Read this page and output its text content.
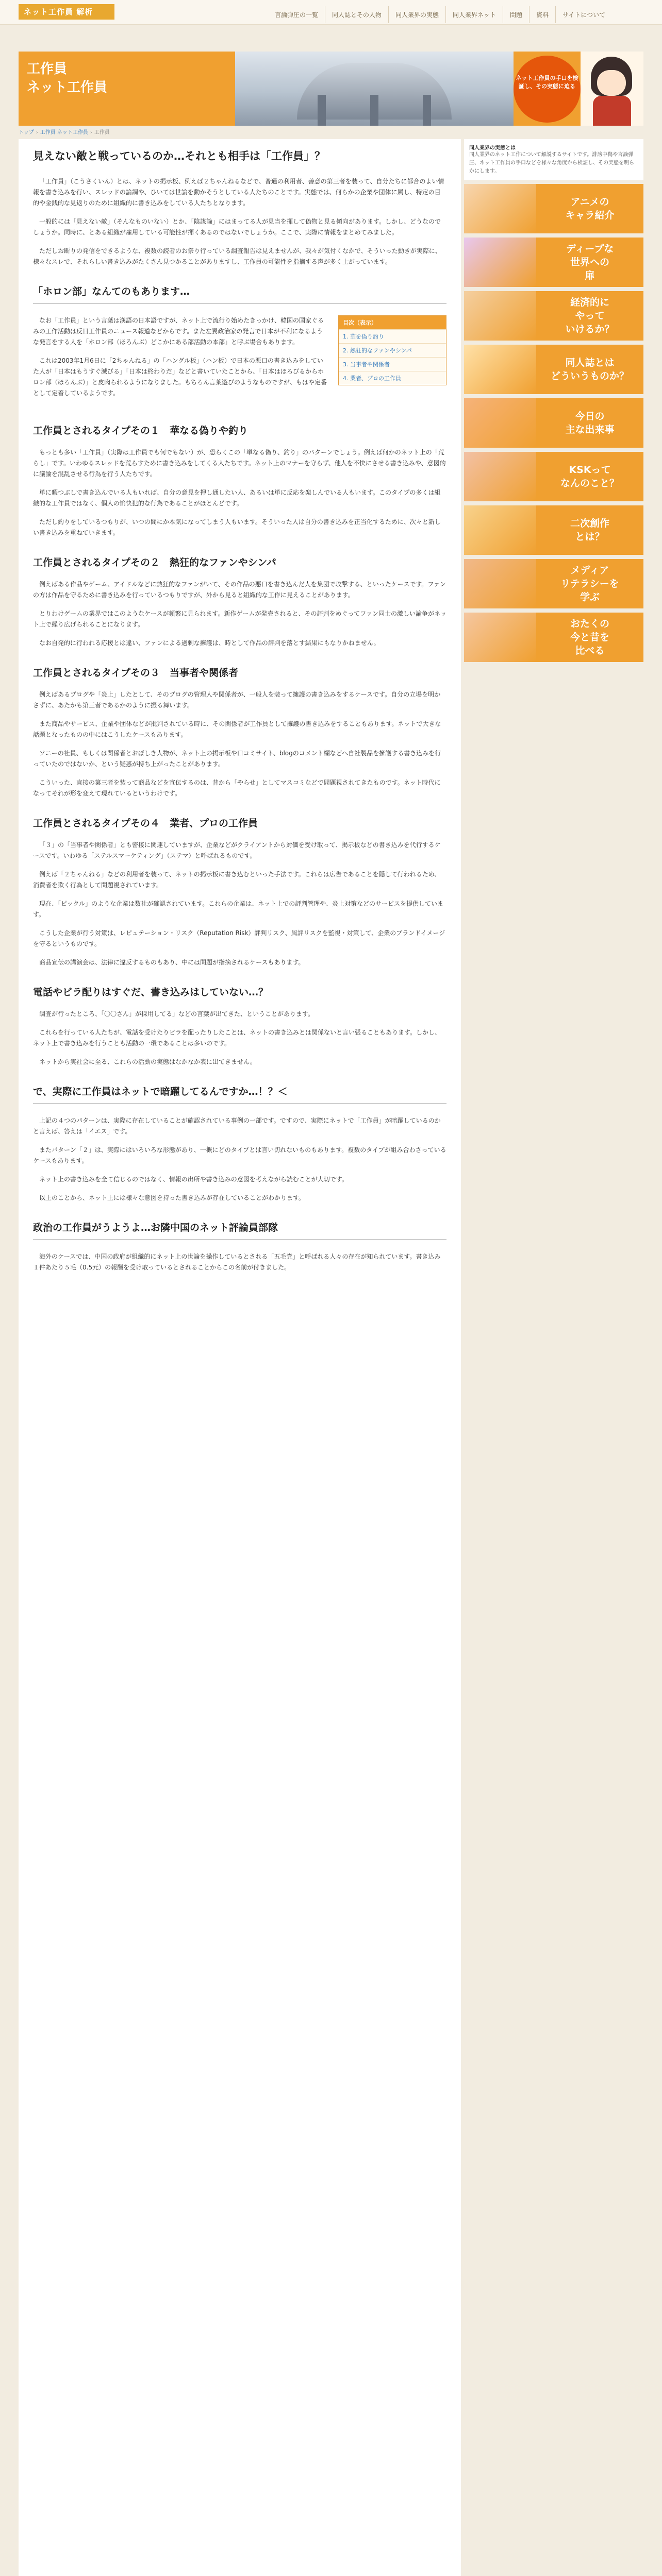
ネット工作員 解析	言論弾圧の一覧	同人誌とその人物	同人業界の実態	同人業界ネット	問題	資料	サイトについて
工作員
ネット工作員
ネット工作員の手口を検証し、その実態に迫る
トップ › 工作員 ネット工作員 › 工作員
見えない敵と戦っているのか…それとも相手は「工作員」？

「工作員」（こうさくいん）とは、ネットの掲示板、例えば２ちゃんねるなどで、普通の利用者、善意の第三者を装って、自分たちに都合のよい情報を書き込みを行い、スレッドの論調や、ひいては世論を動かそうとしている人たちのことです。実態では、何らかの企業や団体に属し、特定の目的や金銭的な見返りのために組織的に書き込みをしている人たちとなります。

一般的には「見えない敵」（そんなものいない）とか、「陰謀論」にはまってる人が見当を揮して偽物と見る傾向があります。しかし、どうなのでしょうか。同時に、とある組織が雇用している可能性が揮くあるのではないでしょうか。ここで、実際に情報をまとめてみました。

ただしお断りの発信をできるような、複数の読者のお祭り行っている調査報告は見えませんが、我々が気付くなかで、そういった動きが実際に、様々なスレで、それらしい書き込みがたくさん見つかることがありますし、工作員の可能性を指摘する声が多く上がっています。

「ホロン部」なんてのもあります…
目次（表示）
1. 華を偽り釣り
2. 熱狂的なファンやシンパ
3. 当事者や関係者
4. 業者、プロの工作員

なお「工作員」という言葉は漢語の日本語ですが、ネット上で流行り始めたきっかけ、韓国の国家ぐるみの工作活動は反日工作員のニュース報道などからです。また左翼政治家の発言で日本が不利になるような発言をする人を「ホロン部（ほろんぶ）どこかにある部活動の本部」と呼ぶ場合もあります。

これは2003年1月6日に「2ちゃんねる」の「ハングル板」（ハン板）で日本の悪口の書き込みをしていた人が「日本はもうすぐ滅びる」「日本は終わりだ」などと書いていたことから、「日本はほろびるからホロン部（ほろんぶ）」と皮肉られるようになりました。もちろん言葉遊びのようなものですが、もはや定番として定着しているようです。

工作員とされるタイプその１　華なる偽りや釣り

もっとも多い「工作員」（実際は工作員でも何でもない）が、恐らくこの「単なる偽り、釣り」のパターンでしょう。例えば何かのネット上の「荒らし」です。いわゆるスレッドを荒らすために書き込みをしてくる人たちです。ネット上のマナーを守らず、他人を不快にさせる書き込みや、意図的に議論を混乱させる行為を行う人たちです。

単に暇つぶしで書き込んでいる人もいれば、自分の意見を押し通したい人、あるいは単に反応を楽しんでいる人もいます。このタイプの多くは組織的な工作員ではなく、個人の愉快犯的な行為であることがほとんどです。

ただし釣りをしているつもりが、いつの間にか本気になってしまう人もいます。そういった人は自分の書き込みを正当化するために、次々と新しい書き込みを重ねていきます。

工作員とされるタイプその２　熱狂的なファンやシンパ

例えばある作品やゲーム、アイドルなどに熱狂的なファンがいて、その作品の悪口を書き込んだ人を集団で攻撃する、といったケースです。ファンの方は作品を守るために書き込みを行っているつもりですが、外から見ると組織的な工作に見えることがあります。

とりわけゲームの業界ではこのようなケースが頻繁に見られます。新作ゲームが発売されると、その評判をめぐってファン同士の激しい論争がネット上で繰り広げられることになります。

なお自発的に行われる応援とは違い、ファンによる過剰な擁護は、時として作品の評判を落とす結果にもなりかねません。

工作員とされるタイプその３　当事者や関係者

例えばあるブログや「炎上」したとして、そのブログの管理人や関係者が、一般人を装って擁護の書き込みをするケースです。自分の立場を明かさずに、あたかも第三者であるかのように振る舞います。

また商品やサービス、企業や団体などが批判されている時に、その関係者が工作員として擁護の書き込みをすることもあります。ネットで大きな話題となったものの中にはこうしたケースもあります。

ソニーの社員、もしくは関係者とおぼしき人物が、ネット上の掲示板や口コミサイト、blogのコメント欄などへ自社製品を擁護する書き込みを行っていたのではないか、という疑惑が持ち上がったことがあります。

こういった、直接の第三者を装って商品などを宣伝するのは、昔から「やらせ」としてマスコミなどで問題視されてきたものです。ネット時代になってそれが形を変えて現れているというわけです。

工作員とされるタイプその４　業者、プロの工作員

「３」の「当事者や関係者」とも密接に関連していますが、企業などがクライアントから対価を受け取って、掲示板などの書き込みを代行するケースです。いわゆる「ステルスマーケティング」（ステマ）と呼ばれるものです。

例えば「２ちゃんねる」などの利用者を装って、ネットの掲示板に書き込むといった手法です。これらは広告であることを隠して行われるため、消費者を欺く行為として問題視されています。

現在、「ピックル」のような企業は数社が確認されています。これらの企業は、ネット上での評判管理や、炎上対策などのサービスを提供しています。

こうした企業が行う対策は、レピュテーション・リスク（Reputation Risk）評判リスク、風評リスクを監視・対策して、企業のブランドイメージを守るというものです。

商品宣伝の講演会は、法律に違反するものもあり、中には問題が指摘されるケースもあります。

電話やビラ配りはすぐだ、書き込みはしていない…？

調査が行ったところ、「〇〇さん」が採用してる」などの言葉が出てきた、ということがあります。

これらを行っている人たちが、電話を受けたりビラを配ったりしたことは、ネットの書き込みとは関係ないと言い張ることもあります。しかし、ネット上で書き込みを行うことも活動の一環であることは多いのです。

ネットから実社会に至る、これらの活動の実態はなかなか表に出てきません。

で、実際に工作員はネットで暗躍してるんですか…！？＜

上記の４つのパターンは、実際に存在していることが確認されている事例の一部です。ですので、実際にネットで「工作員」が暗躍しているのかと言えば、答えは「イエス」です。

またパターン「２」は、実際にはいろいろな形態があり、一概にどのタイプとは言い切れないものもあります。複数のタイプが組み合わさっているケースもあります。

ネット上の書き込みを全て信じるのではなく、情報の出所や書き込みの意図を考えながら読むことが大切です。

以上のことから、ネット上には様々な意図を持った書き込みが存在していることがわかります。

政治の工作員がうようよ…お隣中国のネット評論員部隊

海外のケースでは、中国の政府が組織的にネット上の世論を操作しているとされる「五毛党」と呼ばれる人々の存在が知られています。書き込み１件あたり５毛（0.5元）の報酬を受け取っているとされることからこの名前が付きました。

同人業界の実態とは
同人業界のネット工作について解説するサイトです。誹謗中傷や言論弾圧、ネット工作員の手口などを様々な角度から検証し、その実態を明らかにします。
アニメの
キャラ紹介
ディープな
世界への
扉
経済的に
やって
いけるか？
同人誌とは
どういうものか？
今日の
主な出来事
KSKって
なんのこと？
二次創作
とは？
メディア
リテラシーを
学ぶ
おたくの
今と昔を
比べる
